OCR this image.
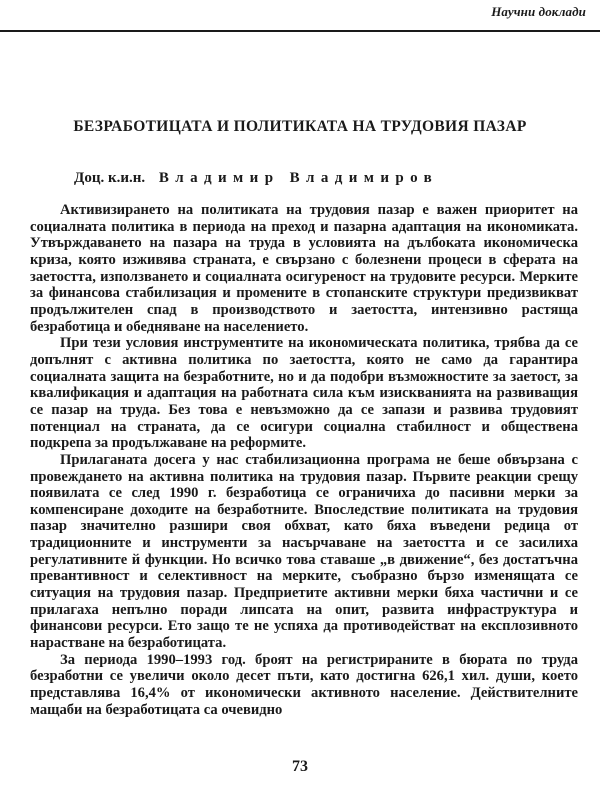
Научни доклади
БЕЗРАБОТИЦАТА И ПОЛИТИКАТА НА ТРУДОВИЯ ПАЗАР
Доц. к.и.н. Владимир Владимиров

Активизирането на политиката на трудовия пазар е важен приоритет на социалната политика в периода на преход и пазарна адаптация на икономиката. Утвърждаването на пазара на труда в условията на дълбоката икономическа криза, която изживява страната, е свързано с болезнени процеси в сферата на заетостта, използването и социалната осигуреност на трудовите ресурси. Мерките за финансова стабилизация и промените в стопанските структури предизвикват продължителен спад в производството и заетостта, интензивно растяща безработица и обедняване на населението.

При тези условия инструментите на икономическата политика, трябва да се допълнят с активна политика по заетостта, която не само да гарантира социалната защита на безработните, но и да подобри възможностите за заетост, за квалификация и адаптация на работната сила към изискванията на развиващия се пазар на труда. Без това е невъзможно да се запази и развива трудовият потенциал на страната, да се осигури социална стабилност и обществена подкрепа за продължаване на реформите.

Прилаганата досега у нас стабилизационна програма не беше обвързана с провеждането на активна политика на трудовия пазар. Първите реакции срещу появилата се след 1990 г. безработица се ограничиха до пасивни мерки за компенсиране доходите на безработните. Впоследствие политиката на трудовия пазар значително разшири своя обхват, като бяха въведени редица от традиционните и инструменти за насърчаване на заетостта и се засилиха регулативните й функции. Но всичко това ставаше „в движение“, без достатъчна превантивност и селективност на мерките, съобразно бързо изменящата се ситуация на трудовия пазар. Предприетите активни мерки бяха частични и се прилагаха непълно поради липсата на опит, развита инфраструктура и финансови ресурси. Ето защо те не успяха да противодействат на експлозивното нарастване на безработицата.

За периода 1990–1993 год. броят на регистрираните в бюрата по труда безработни се увеличи около десет пъти, като достигна 626,1 хил. души, което представлява 16,4% от икономически активното население. Действителните мащаби на безработицата са очевидно

73
